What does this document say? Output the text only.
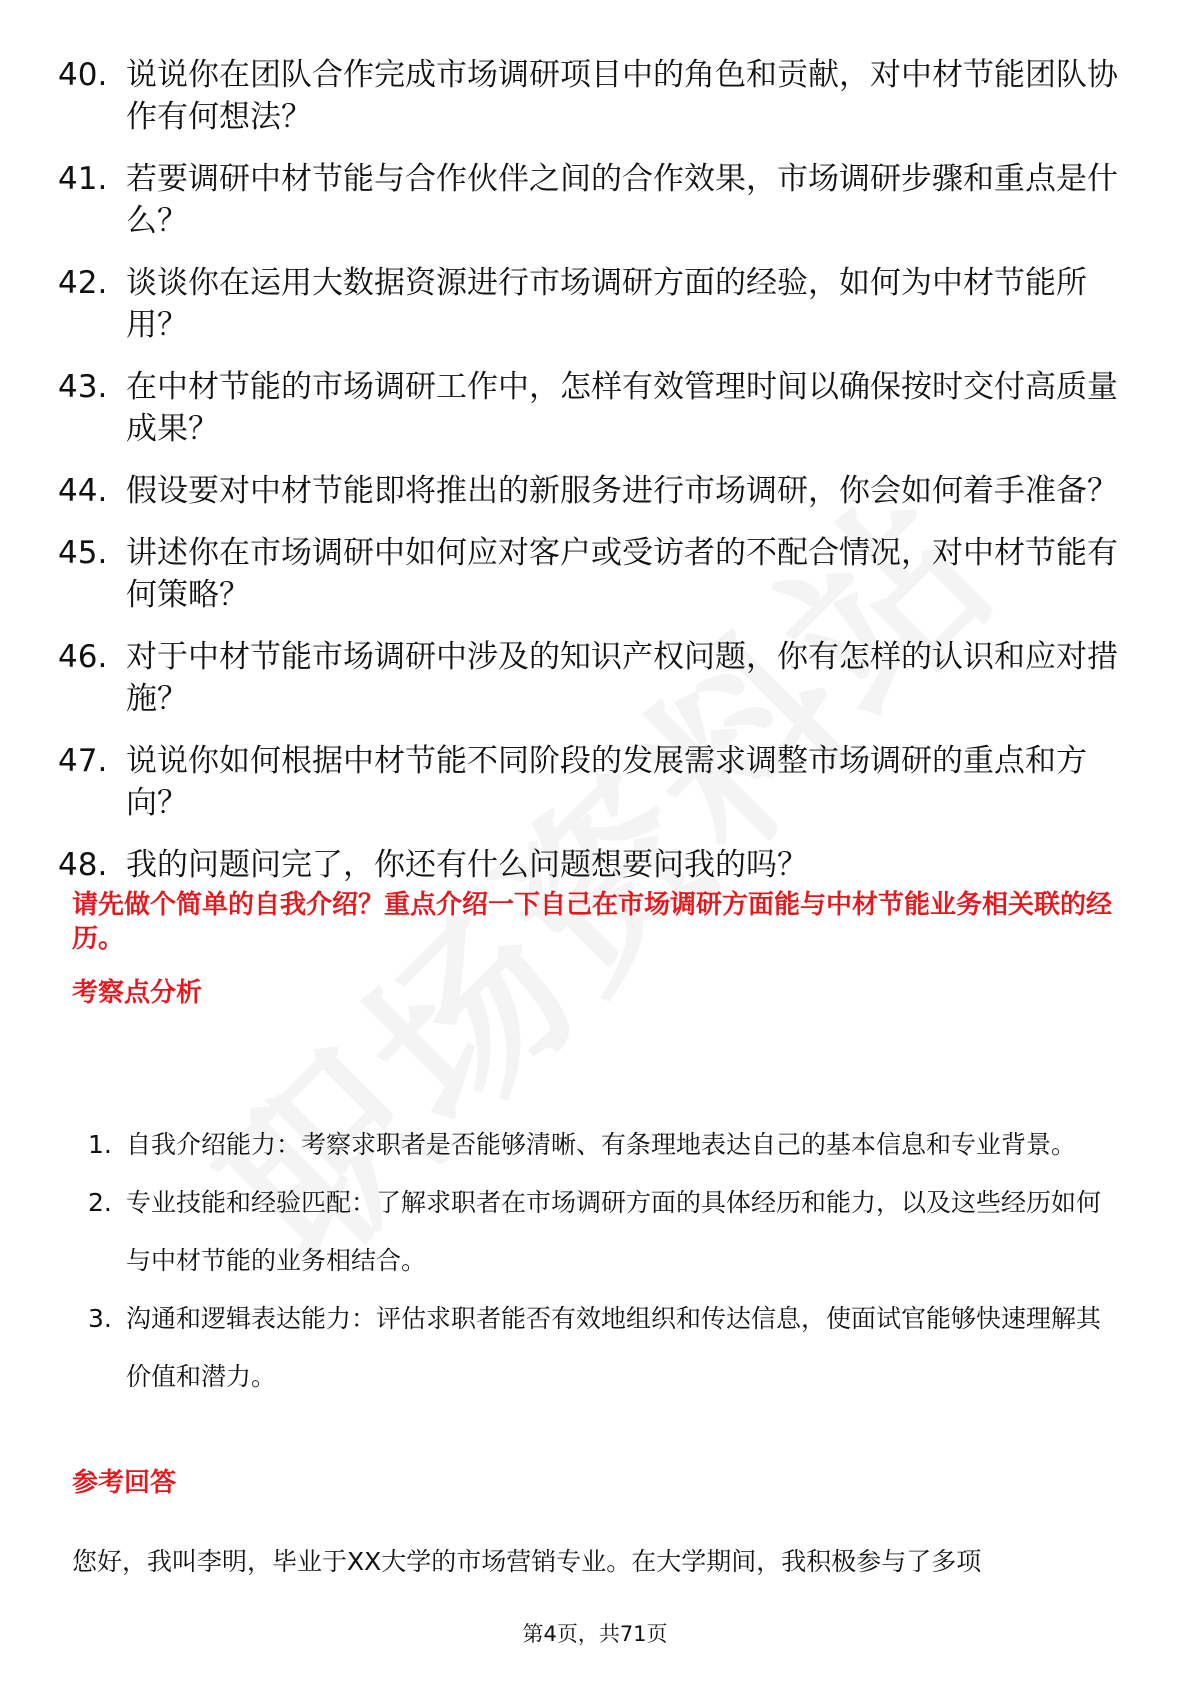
40. 说说你在团队合作完成市场调研项目中的角色和贡献，对中材节能团队协作有何想法？
41. 若要调研中材节能与合作伙伴之间的合作效果，市场调研步骤和重点是什么？
42. 谈谈你在运用大数据资源进行市场调研方面的经验，如何为中材节能所用？
43. 在中材节能的市场调研工作中，怎样有效管理时间以确保按时交付高质量成果？
44. 假设要对中材节能即将推出的新服务进行市场调研，你会如何着手准备？
45. 讲述你在市场调研中如何应对客户或受访者的不配合情况，对中材节能有何策略？
46. 对于中材节能市场调研中涉及的知识产权问题，你有怎样的认识和应对措施？
47. 说说你如何根据中材节能不同阶段的发展需求调整市场调研的重点和方向？
48. 我的问题问完了，你还有什么问题想要问我的吗？

请先做个简单的自我介绍？重点介绍一下自己在市场调研方面能与中材节能业务相关联的经历。

考察点分析

1. 自我介绍能力：考察求职者是否能够清晰、有条理地表达自己的基本信息和专业背景。
2. 专业技能和经验匹配：了解求职者在市场调研方面的具体经历和能力，以及这些经历如何与中材节能的业务相结合。
3. 沟通和逻辑表达能力：评估求职者能否有效地组织和传达信息，使面试官能够快速理解其价值和潜力。

参考回答

您好，我叫李明，毕业于XX大学的市场营销专业。在大学期间，我积极参与了多项

第4页，共71页
